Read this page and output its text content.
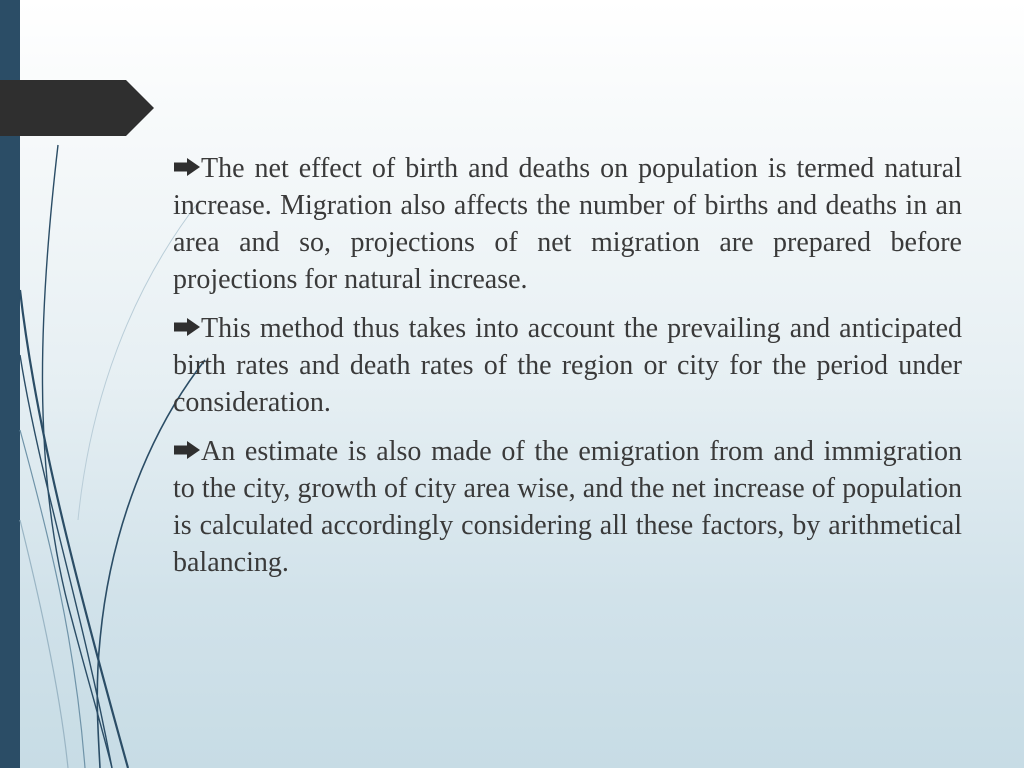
The net effect of birth and deaths on population is termed natural increase. Migration also affects the number of births and deaths in an area and so, projections of net migration are prepared before projections for natural increase.

This method thus takes into account the prevailing and anticipated birth rates and death rates of the region or city for the period under consideration.

An estimate is also made of the emigration from and immigration to the city, growth of city area wise, and the net increase of population is calculated accordingly considering all these factors, by arithmetical balancing.
